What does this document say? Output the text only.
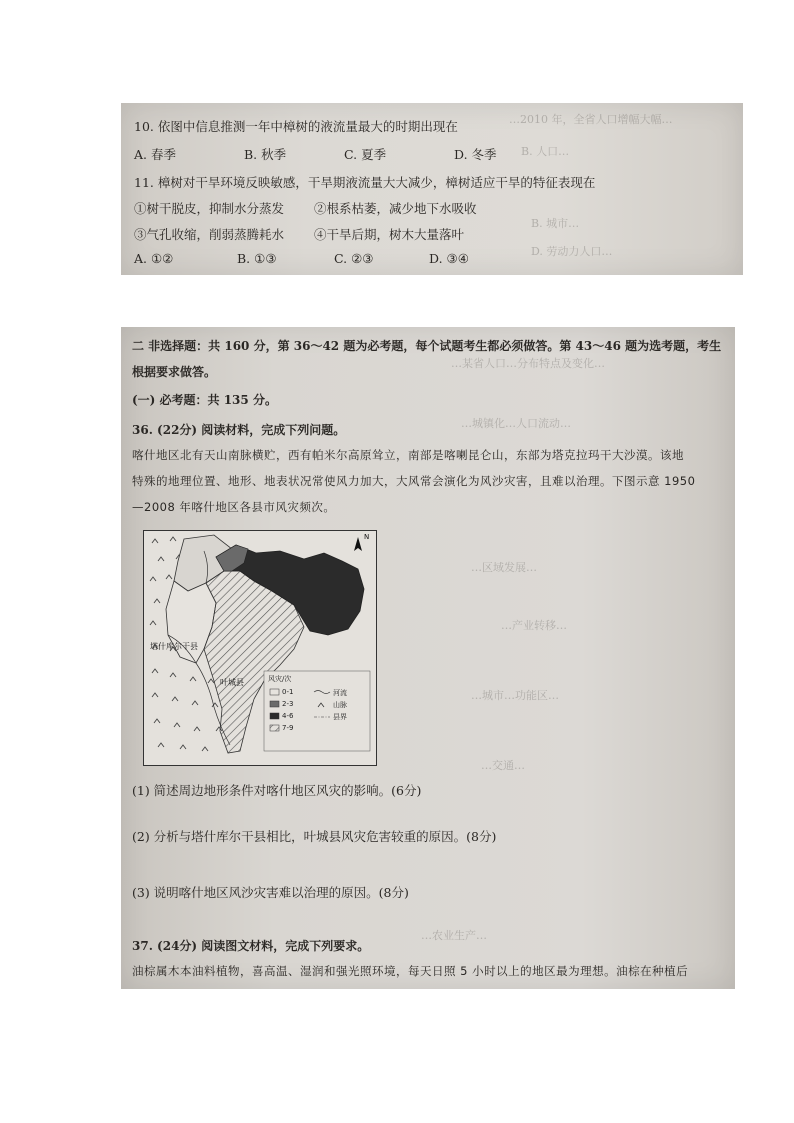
…2010 年，全省人口增幅大幅…
B. 人口…
B. 城市…
D. 劳动力人口…
10. 依图中信息推测一年中樟树的液流量最大的时期出现在
A. 春季	B. 秋季	C. 夏季	D. 冬季
11. 樟树对干旱环境反映敏感，干旱期液流量大大减少，樟树适应干旱的特征表现在
①树干脱皮，抑制水分蒸发 ②根系枯萎，减少地下水吸收
③气孔收缩，削弱蒸腾耗水 ④干旱后期，树木大量落叶
A. ①②	B. ①③	C. ②③	D. ③④
…某省人口…分布特点及变化…
…城镇化…人口流动…
…区域发展…
…产业转移…
…城市…功能区…
…交通…
…农业生产…
二 非选择题：共 160 分，第 36～42 题为必考题，每个试题考生都必须做答。第 43～46 题为选考题，考生
根据要求做答。
(一) 必考题：共 135 分。
36. (22分) 阅读材料，完成下列问题。
喀什地区北有天山南脉横贮，西有帕米尔高原耸立，南部是喀喇昆仑山，东部为塔克拉玛干大沙漠。该地
特殊的地理位置、地形、地表状况常使风力加大，大风常会演化为风沙灾害，且难以治理。下图示意 1950
—2008 年喀什地区各县市风灾频次。
(1) 简述周边地形条件对喀什地区风灾的影响。(6分)
(2) 分析与塔什库尔干县相比，叶城县风灾危害较重的原因。(8分)
(3) 说明喀什地区风沙灾害难以治理的原因。(8分)
37. (24分) 阅读图文材料，完成下列要求。
油棕属木本油料植物，喜高温、湿润和强光照环境，每天日照 5 小时以上的地区最为理想。油棕在种植后
塔什库尔干县
叶城县
N
风灾/次
0-1
2-3
4-6
7-9
河流
山脉
县界
